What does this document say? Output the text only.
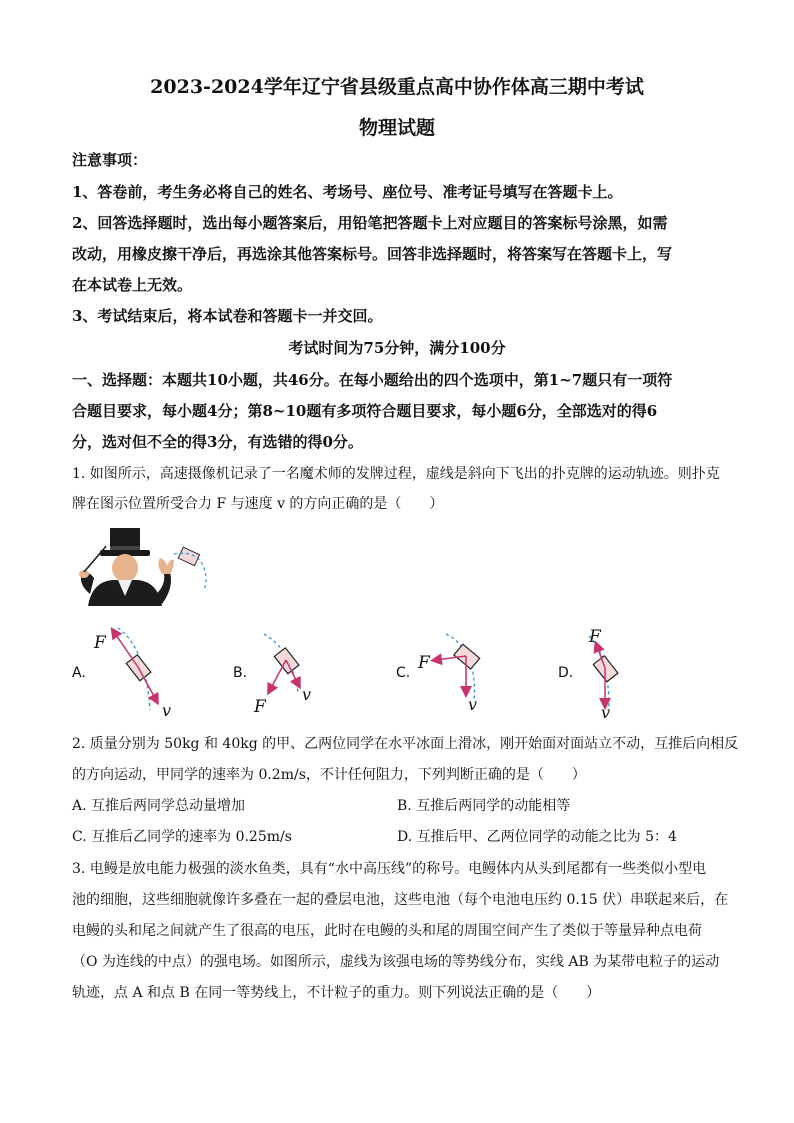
2023-2024学年辽宁省县级重点高中协作体高三期中考试
物理试题
注意事项：
1、答卷前，考生务必将自己的姓名、考场号、座位号、准考证号填写在答题卡上。
2、回答选择题时，选出每小题答案后，用铅笔把答题卡上对应题目的答案标号涂黑，如需
改动，用橡皮擦干净后，再选涂其他答案标号。回答非选择题时，将答案写在答题卡上，写
在本试卷上无效。
3、考试结束后，将本试卷和答题卡一并交回。
考试时间为75分钟，满分100分
一、选择题：本题共10小题，共46分。在每小题给出的四个选项中，第1~7题只有一项符
合题目要求，每小题4分；第8~10题有多项符合题目要求，每小题6分，全部选对的得6
分，选对但不全的得3分，有选错的得0分。
1. 如图所示，高速摄像机记录了一名魔术师的发牌过程，虚线是斜向下飞出的扑克牌的运动轨迹。则扑克
牌在图示位置所受合力 F 与速度 v 的方向正确的是（　　）
A.
F
v
B.
F
v
C. F
v
D.
F
v
2. 质量分别为 50kg 和 40kg 的甲、乙两位同学在水平冰面上滑冰，刚开始面对面站立不动，互推后向相反
的方向运动，甲同学的速率为 0.2m/s，不计任何阻力，下列判断正确的是（　　）
A. 互推后两同学总动量增加	B. 互推后两同学的动能相等
C. 互推后乙同学的速率为 0.25m/s	D. 互推后甲、乙两位同学的动能之比为 5：4
3. 电鳗是放电能力极强的淡水鱼类，具有“水中高压线”的称号。电鳗体内从头到尾都有一些类似小型电
池的细胞，这些细胞就像许多叠在一起的叠层电池，这些电池（每个电池电压约 0.15 伏）串联起来后，在
电鳗的头和尾之间就产生了很高的电压，此时在电鳗的头和尾的周围空间产生了类似于等量异种点电荷
（O 为连线的中点）的强电场。如图所示，虚线为该强电场的等势线分布，实线 AB 为某带电粒子的运动
轨迹，点 A 和点 B 在同一等势线上，不计粒子的重力。则下列说法正确的是（　　）
